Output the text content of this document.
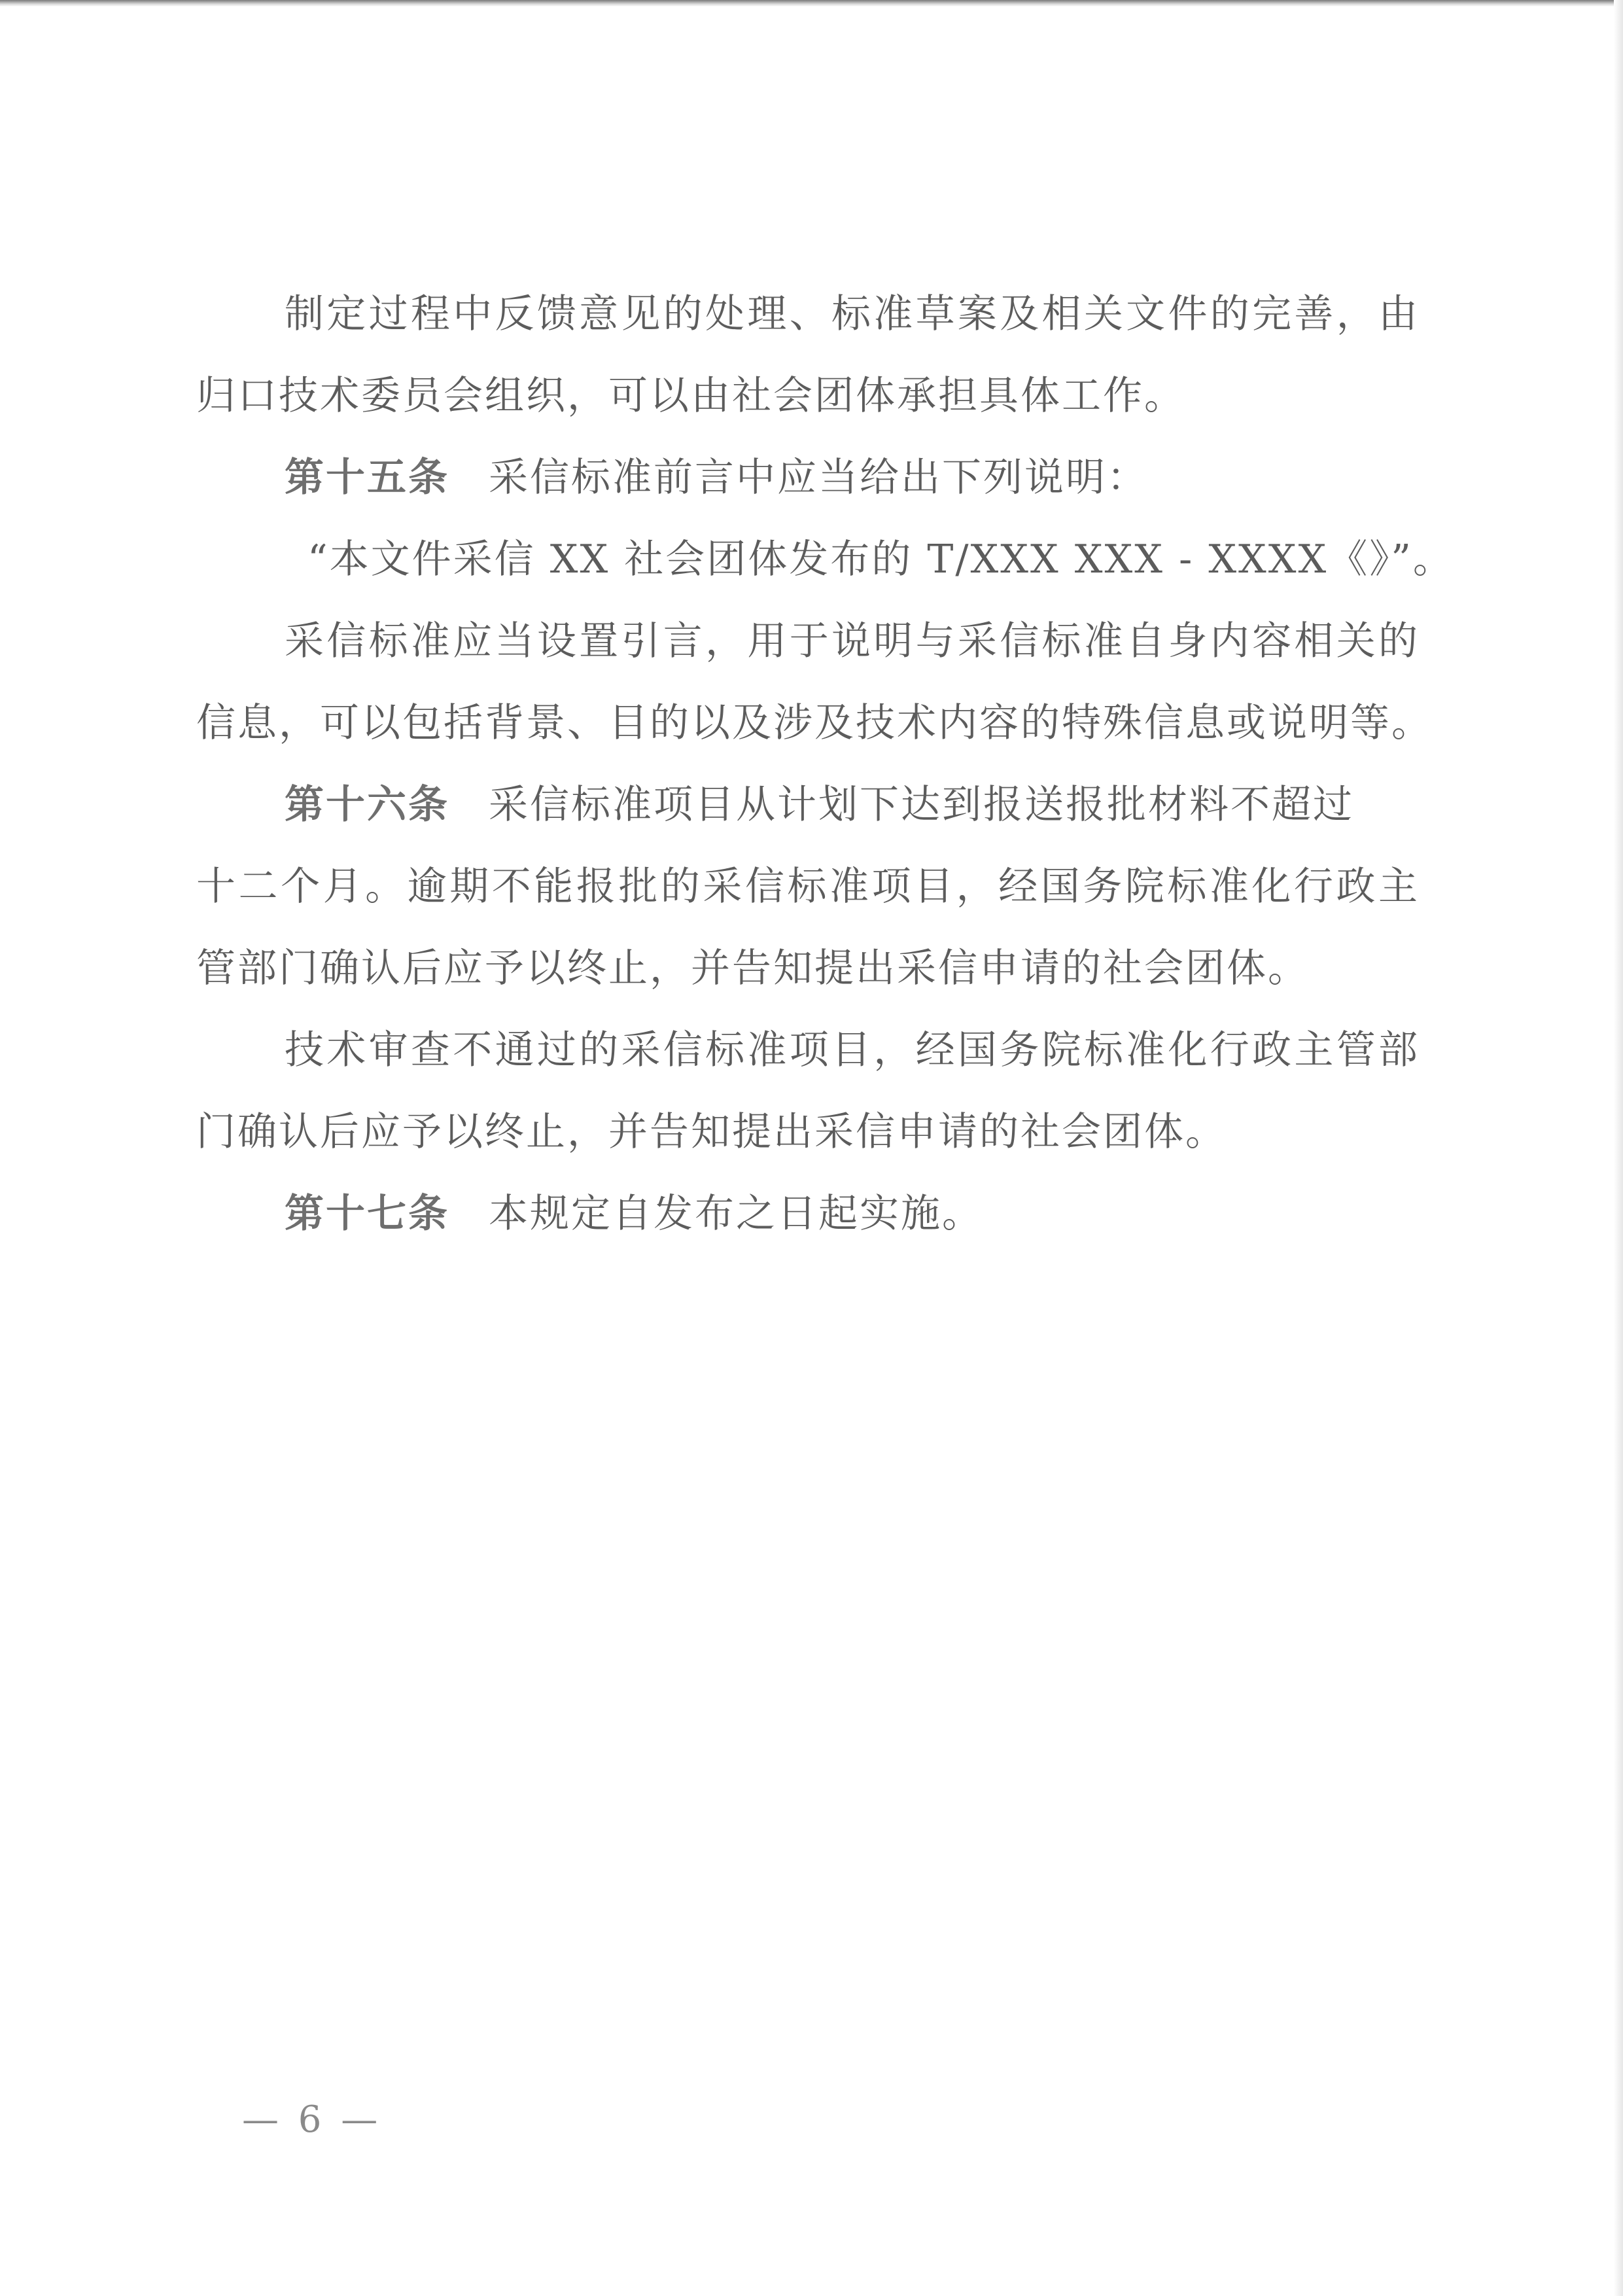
制定过程中反馈意见的处理、标准草案及相关文件的完善，由
归口技术委员会组织，可以由社会团体承担具体工作。
第十五条 采信标准前言中应当给出下列说明：
“本文件采信 XX 社会团体发布的 T/XXX XXX - XXXX《》”。
采信标准应当设置引言，用于说明与采信标准自身内容相关的
信息，可以包括背景、目的以及涉及技术内容的特殊信息或说明等。
第十六条 采信标准项目从计划下达到报送报批材料不超过
十二个月。逾期不能报批的采信标准项目，经国务院标准化行政主
管部门确认后应予以终止，并告知提出采信申请的社会团体。
技术审查不通过的采信标准项目，经国务院标准化行政主管部
门确认后应予以终止，并告知提出采信申请的社会团体。
第十七条 本规定自发布之日起实施。
— 6 —
